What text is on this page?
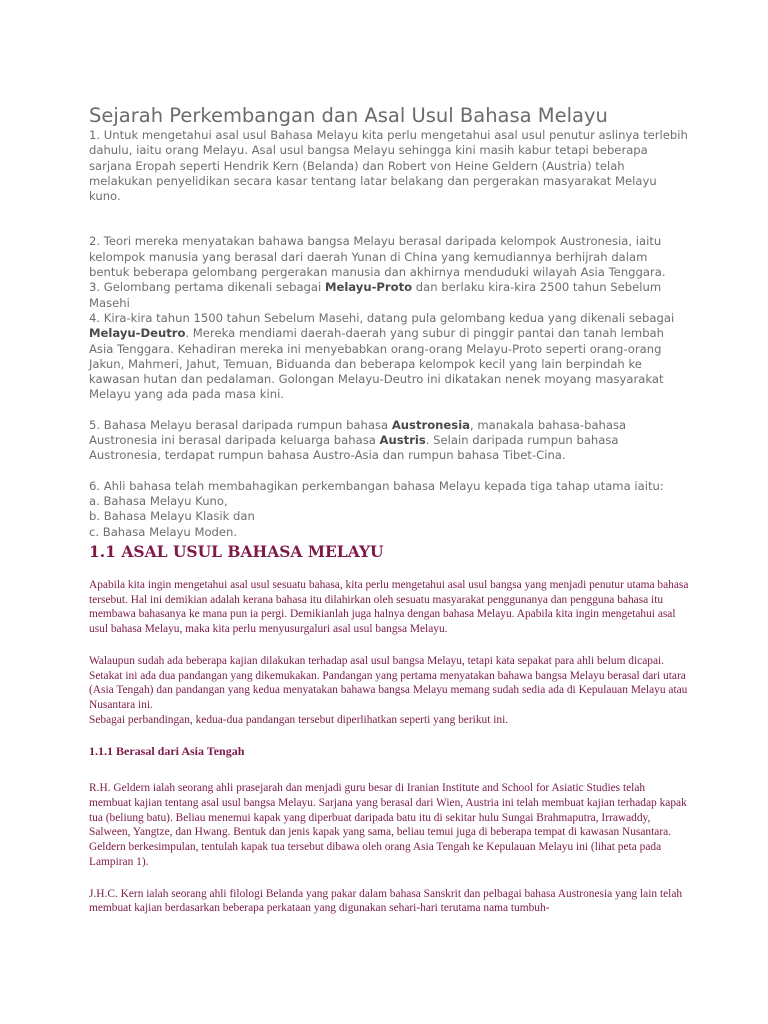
Sejarah Perkembangan dan Asal Usul Bahasa Melayu

1. Untuk mengetahui asal usul Bahasa Melayu kita perlu mengetahui asal usul penutur aslinya terlebih dahulu, iaitu orang Melayu. Asal usul bangsa Melayu sehingga kini masih kabur tetapi beberapa sarjana Eropah seperti Hendrik Kern (Belanda) dan Robert von Heine Geldern (Austria) telah melakukan penyelidikan secara kasar tentang latar belakang dan pergerakan masyarakat Melayu kuno.

2. Teori mereka menyatakan bahawa bangsa Melayu berasal daripada kelompok Austronesia, iaitu kelompok manusia yang berasal dari daerah Yunan di China yang kemudiannya berhijrah dalam bentuk beberapa gelombang pergerakan manusia dan akhirnya menduduki wilayah Asia Tenggara.

3. Gelombang pertama dikenali sebagai Melayu-Proto dan berlaku kira-kira 2500 tahun Sebelum Masehi

4. Kira-kira tahun 1500 tahun Sebelum Masehi, datang pula gelombang kedua yang dikenali sebagai Melayu-Deutro. Mereka mendiami daerah-daerah yang subur di pinggir pantai dan tanah lembah Asia Tenggara. Kehadiran mereka ini menyebabkan orang-orang Melayu-Proto seperti orang-orang Jakun, Mahmeri, Jahut, Temuan, Biduanda dan beberapa kelompok kecil yang lain berpindah ke kawasan hutan dan pedalaman. Golongan Melayu-Deutro ini dikatakan nenek moyang masyarakat Melayu yang ada pada masa kini.

5. Bahasa Melayu berasal daripada rumpun bahasa Austronesia, manakala bahasa-bahasa Austronesia ini berasal daripada keluarga bahasa Austris. Selain daripada rumpun bahasa Austronesia, terdapat rumpun bahasa Austro-Asia dan rumpun bahasa Tibet-Cina.

6. Ahli bahasa telah membahagikan perkembangan bahasa Melayu kepada tiga tahap utama iaitu:

a. Bahasa Melayu Kuno,

b. Bahasa Melayu Klasik dan

c. Bahasa Melayu Moden.

1.1 ASAL USUL BAHASA MELAYU

Apabila kita ingin mengetahui asal usul sesuatu bahasa, kita perlu mengetahui asal usul bangsa yang menjadi penutur utama bahasa tersebut. Hal ini demikian adalah kerana bahasa itu dilahirkan oleh sesuatu masyarakat penggunanya dan pengguna bahasa itu membawa bahasanya ke mana pun ia pergi. Demikianlah juga halnya dengan bahasa Melayu. Apabila kita ingin mengetahui asal usul bahasa Melayu, maka kita perlu menyusurgaluri asal usul bangsa Melayu.

Walaupun sudah ada beberapa kajian dilakukan terhadap asal usul bangsa Melayu, tetapi kata sepakat para ahli belum dicapai. Setakat ini ada dua pandangan yang dikemukakan. Pandangan yang pertama menyatakan bahawa bangsa Melayu berasal dari utara (Asia Tengah) dan pandangan yang kedua menyatakan bahawa bangsa Melayu memang sudah sedia ada di Kepulauan Melayu atau Nusantara ini.

Sebagai perbandingan, kedua-dua pandangan tersebut diperlihatkan seperti yang berikut ini.

1.1.1 Berasal dari Asia Tengah

R.H. Geldern ialah seorang ahli prasejarah dan menjadi guru besar di Iranian Institute and School for Asiatic Studies telah membuat kajian tentang asal usul bangsa Melayu. Sarjana yang berasal dari Wien, Austria ini telah membuat kajian terhadap kapak tua (beliung batu). Beliau menemui kapak yang diperbuat daripada batu itu di sekitar hulu Sungai Brahmaputra, Irrawaddy, Salween, Yangtze, dan Hwang. Bentuk dan jenis kapak yang sama, beliau temui juga di beberapa tempat di kawasan Nusantara. Geldern berkesimpulan, tentulah kapak tua tersebut dibawa oleh orang Asia Tengah ke Kepulauan Melayu ini (lihat peta pada Lampiran 1).

J.H.C. Kern ialah seorang ahli filologi Belanda yang pakar dalam bahasa Sanskrit dan pelbagai bahasa Austronesia yang lain telah membuat kajian berdasarkan beberapa perkataan yang digunakan sehari-hari terutama nama tumbuh-
